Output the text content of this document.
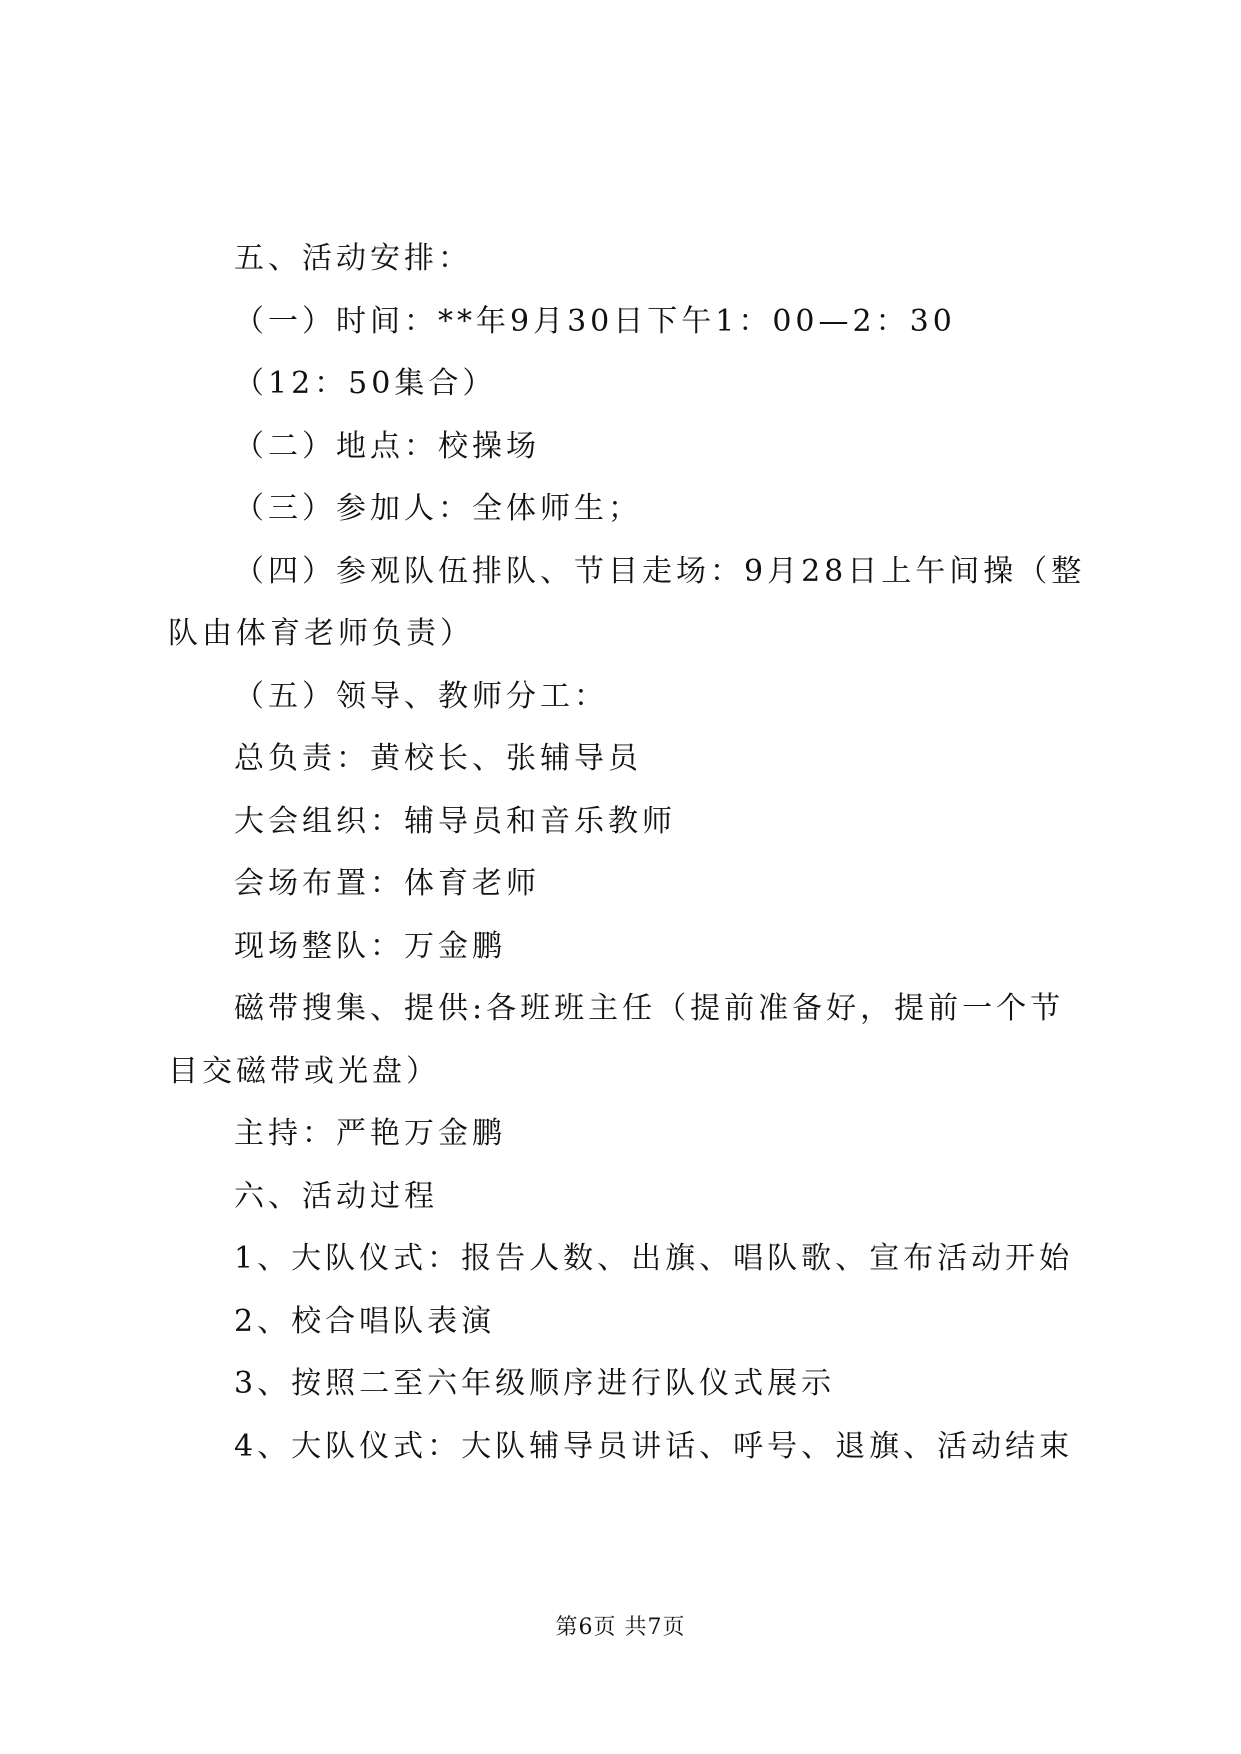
五、活动安排：

（一）时间：**年9月30日下午1：00—2：30

（12：50集合）

（二）地点：校操场

（三）参加人：全体师生；

（四）参观队伍排队、节目走场：9月28日上午间操（整队由体育老师负责）

（五）领导、教师分工：

总负责：黄校长、张辅导员

大会组织：辅导员和音乐教师

会场布置：体育老师

现场整队：万金鹏

磁带搜集、提供:各班班主任（提前准备好，提前一个节目交磁带或光盘）

主持：严艳万金鹏

六、活动过程

1、大队仪式：报告人数、出旗、唱队歌、宣布活动开始

2、校合唱队表演

3、按照二至六年级顺序进行队仪式展示

4、大队仪式：大队辅导员讲话、呼号、退旗、活动结束

第6页 共7页
